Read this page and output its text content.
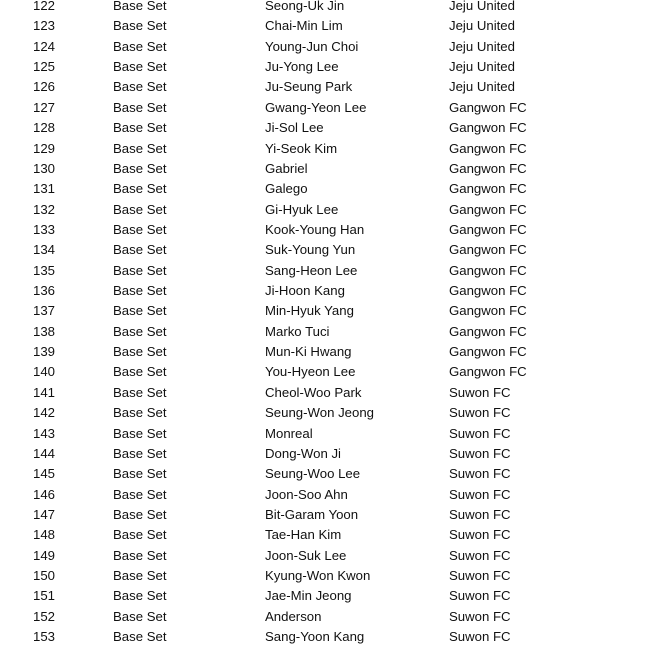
122	Base Set	Seong-Uk Jin	Jeju United
123	Base Set	Chai-Min Lim	Jeju United
124	Base Set	Young-Jun Choi	Jeju United
125	Base Set	Ju-Yong Lee	Jeju United
126	Base Set	Ju-Seung Park	Jeju United
127	Base Set	Gwang-Yeon Lee	Gangwon FC
128	Base Set	Ji-Sol Lee	Gangwon FC
129	Base Set	Yi-Seok Kim	Gangwon FC
130	Base Set	Gabriel	Gangwon FC
131	Base Set	Galego	Gangwon FC
132	Base Set	Gi-Hyuk Lee	Gangwon FC
133	Base Set	Kook-Young Han	Gangwon FC
134	Base Set	Suk-Young Yun	Gangwon FC
135	Base Set	Sang-Heon Lee	Gangwon FC
136	Base Set	Ji-Hoon Kang	Gangwon FC
137	Base Set	Min-Hyuk Yang	Gangwon FC
138	Base Set	Marko Tuci	Gangwon FC
139	Base Set	Mun-Ki Hwang	Gangwon FC
140	Base Set	You-Hyeon Lee	Gangwon FC
141	Base Set	Cheol-Woo Park	Suwon FC
142	Base Set	Seung-Won Jeong	Suwon FC
143	Base Set	Monreal	Suwon FC
144	Base Set	Dong-Won Ji	Suwon FC
145	Base Set	Seung-Woo Lee	Suwon FC
146	Base Set	Joon-Soo Ahn	Suwon FC
147	Base Set	Bit-Garam Yoon	Suwon FC
148	Base Set	Tae-Han Kim	Suwon FC
149	Base Set	Joon-Suk Lee	Suwon FC
150	Base Set	Kyung-Won Kwon	Suwon FC
151	Base Set	Jae-Min Jeong	Suwon FC
152	Base Set	Anderson	Suwon FC
153	Base Set	Sang-Yoon Kang	Suwon FC
